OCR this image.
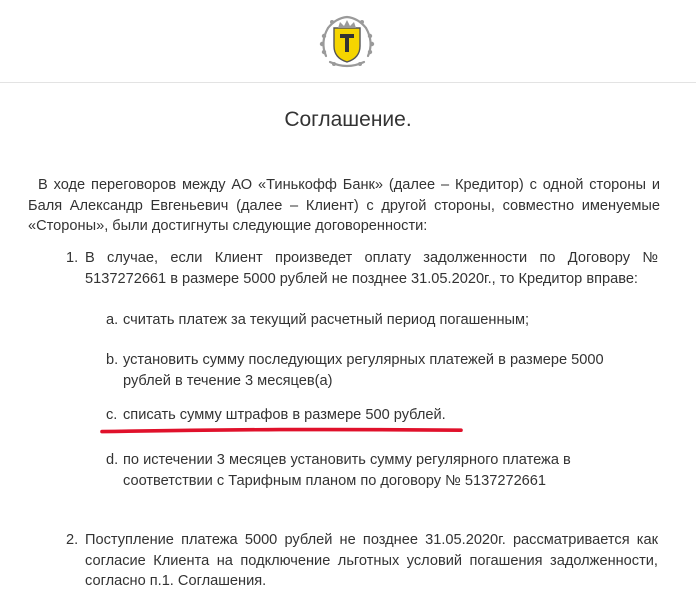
Соглашение.

В ходе переговоров между АО «Тинькофф Банк» (далее – Кредитор) с одной стороны и Баля Александр Евгеньевич (далее – Клиент) с другой стороны, совместно именуемые «Стороны», были достигнуты следующие договоренности:

1. В случае, если Клиент произведет оплату задолженности по Договору № 5137272661 в размере 5000 рублей не позднее 31.05.2020г., то Кредитор вправе:

a. считать платеж за текущий расчетный период погашенным;

b. установить сумму последующих регулярных платежей в размере 5000 рублей в течение 3 месяцев(а)

c. списать сумму штрафов в размере 500 рублей.

d. по истечении 3 месяцев установить сумму регулярного платежа в соответствии с Тарифным планом по договору № 5137272661

2. Поступление платежа 5000 рублей не позднее 31.05.2020г. рассматривается как согласие Клиента на подключение льготных условий погашения задолженности, согласно п.1. Соглашения.
